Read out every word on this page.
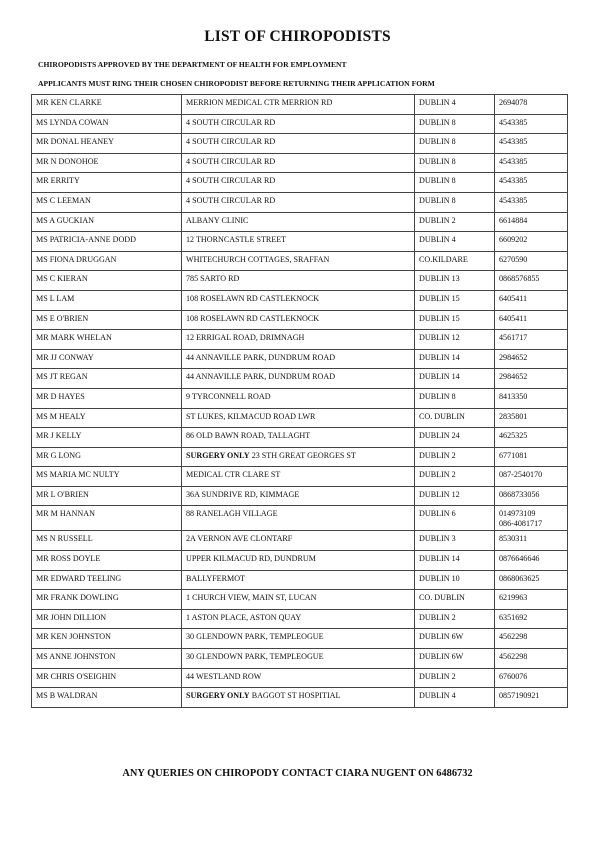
LIST OF CHIROPODISTS
CHIROPODISTS APPROVED BY THE DEPARTMENT OF HEALTH FOR EMPLOYMENT
APPLICANTS MUST RING THEIR CHOSEN CHIROPODIST BEFORE RETURNING THEIR APPLICATION FORM
MR KEN CLARKE	MERRION MEDICAL CTR MERRION RD	DUBLIN 4	2694078

MS LYNDA COWAN	4 SOUTH CIRCULAR RD	DUBLIN 8	4543385

MR DONAL HEANEY	4 SOUTH CIRCULAR RD	DUBLIN 8	4543385

MR N DONOHOE	4 SOUTH CIRCULAR RD	DUBLIN 8	4543385

MR ERRITY	4 SOUTH CIRCULAR RD	DUBLIN 8	4543385

MS C LEEMAN	4 SOUTH CIRCULAR RD	DUBLIN 8	4543385

MS A GUCKIAN	ALBANY CLINIC	DUBLIN 2	6614884

MS PATRICIA-ANNE DODD	12 THORNCASTLE STREET	DUBLIN 4	6609202

MS FIONA DRUGGAN	WHITECHURCH COTTAGES, SRAFFAN	CO.KILDARE	6270590

MS C KIERAN	785 SARTO RD	DUBLIN 13	0868576855

MS L LAM	108 ROSELAWN RD CASTLEKNOCK	DUBLIN 15	6405411

MS E O'BRIEN	108 ROSELAWN RD CASTLEKNOCK	DUBLIN 15	6405411

MR MARK WHELAN	12 ERRIGAL ROAD, DRIMNAGH	DUBLIN 12	4561717

MR JJ CONWAY	44 ANNAVILLE PARK, DUNDRUM ROAD	DUBLIN 14	2984652

MS JT REGAN	44 ANNAVILLE PARK, DUNDRUM ROAD	DUBLIN 14	2984652

MR D HAYES	9 TYRCONNELL ROAD	DUBLIN 8	8413350

MS M HEALY	ST LUKES, KILMACUD ROAD LWR	CO. DUBLIN	2835801

MR J KELLY	86 OLD BAWN ROAD, TALLAGHT	DUBLIN 24	4625325

MR G LONG	SURGERY ONLY 23 STH GREAT GEORGES ST	DUBLIN 2	6771081

MS MARIA MC NULTY	MEDICAL CTR CLARE ST	DUBLIN 2	087-2540170

MR L O'BRIEN	36A SUNDRIVE RD, KIMMAGE	DUBLIN 12	0868733056

MR M HANNAN	88 RANELAGH VILLAGE	DUBLIN 6	014973109
086-4081717

MS N RUSSELL	2A VERNON AVE CLONTARF	DUBLIN 3	8530311

MR ROSS DOYLE	UPPER KILMACUD RD, DUNDRUM	DUBLIN 14	0876646646

MR EDWARD TEELING	BALLYFERMOT	DUBLIN 10	0868063625

MR FRANK DOWLING	1 CHURCH VIEW, MAIN ST, LUCAN	CO. DUBLIN	6219963

MR JOHN DILLION	1 ASTON PLACE, ASTON QUAY	DUBLIN 2	6351692

MR KEN JOHNSTON	30 GLENDOWN PARK, TEMPLEOGUE	DUBLIN 6W	4562298

MS ANNE JOHNSTON	30 GLENDOWN PARK, TEMPLEOGUE	DUBLIN 6W	4562298

MR CHRIS O'SEIGHIN	44 WESTLAND ROW	DUBLIN 2	6760076

MS B WALDRAN	SURGERY ONLY BAGGOT ST HOSPITIAL	DUBLIN 4	0857190921
ANY QUERIES ON CHIROPODY CONTACT CIARA NUGENT ON 6486732
